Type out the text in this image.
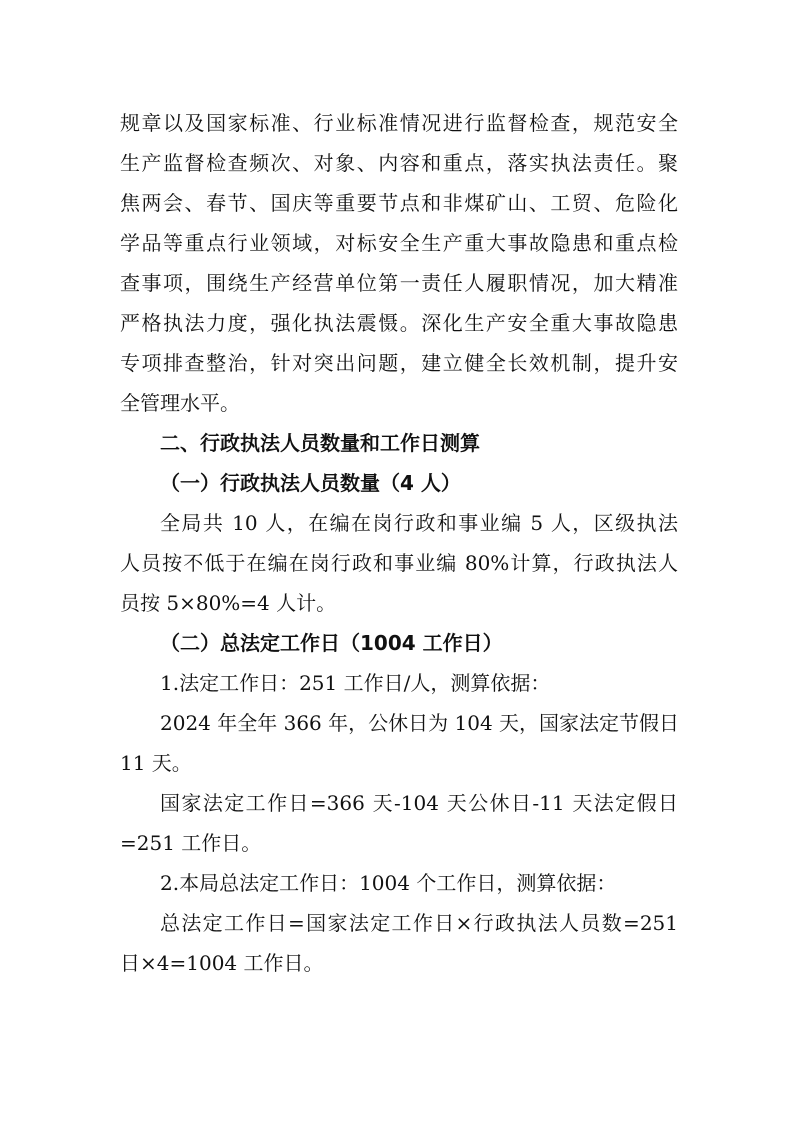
规章以及国家标准、行业标准情况进行监督检查，规范安全
生产监督检查频次、对象、内容和重点，落实执法责任。聚
焦两会、春节、国庆等重要节点和非煤矿山、工贸、危险化
学品等重点行业领域，对标安全生产重大事故隐患和重点检
查事项，围绕生产经营单位第一责任人履职情况，加大精准
严格执法力度，强化执法震慑。深化生产安全重大事故隐患
专项排查整治，针对突出问题，建立健全长效机制，提升安
全管理水平。
二、行政执法人员数量和工作日测算
（一）行政执法人员数量（4 人）
全局共 10 人，在编在岗行政和事业编 5 人，区级执法
人员按不低于在编在岗行政和事业编 80%计算，行政执法人
员按 5×80%=4 人计。
（二）总法定工作日（1004 工作日）
1.法定工作日：251 工作日/人，测算依据：
2024 年全年 366 年，公休日为 104 天，国家法定节假日
11 天。
国家法定工作日=366 天-104 天公休日-11 天法定假日
=251 工作日。
2.本局总法定工作日：1004 个工作日，测算依据：
总法定工作日=国家法定工作日×行政执法人员数=251
日×4=1004 工作日。
